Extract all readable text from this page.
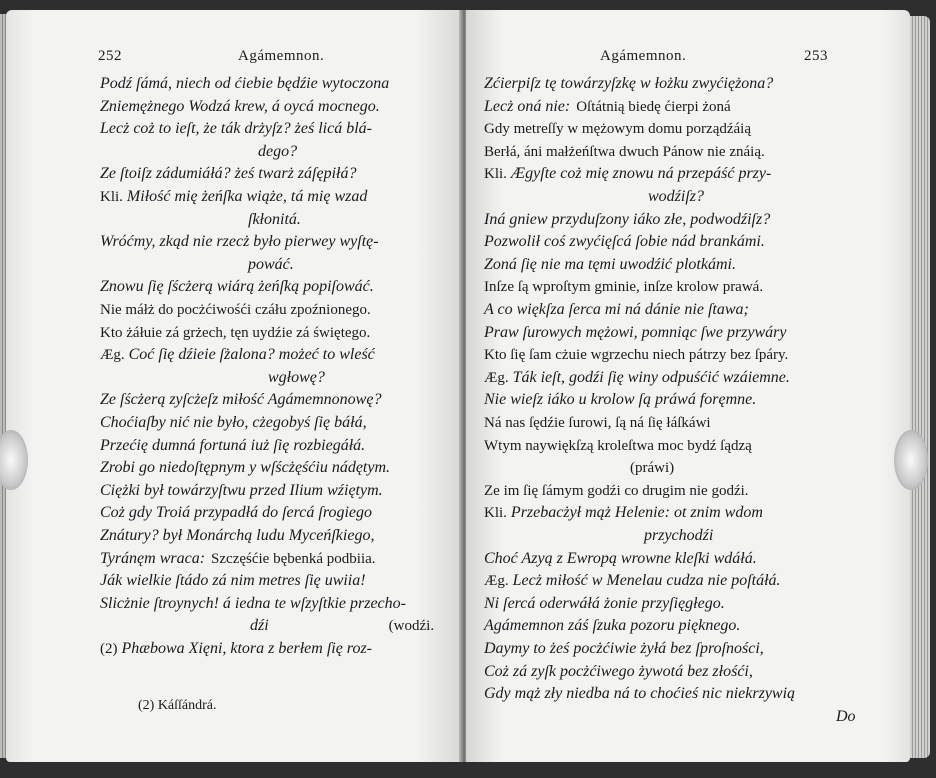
252	Agámemnon.
Podź ſámá, niech od ćiebie będźie wytoczona
Zniemężnego Wodzá krew, á oycá mocnego.
Lecż coż to ieſt, że ták drżyſz? żeś licá blá-
dego?
Ze ſtoiſz zádumiáłá? żeś twarż záſępiłá?
Kli. Miłość mię żeńſka wiąże, tá mię wzad
ſkłonitá.
Wróćmy, zkąd nie rzecż było pierwey wyſtę-
powáć.
Znowu ſię ſścżerą wiárą żeńſką popiſowáć.
Nie máłż do pocżćiwośći czáłu zpoźnionego.
Kto żáłuie zá grżech, tęn uydźie zá świętego.
Æg. Coć ſię dźieie ſżalona? możeć to wleść
wgłowę?
Ze ſścżerą zyſcżeſz miłość Agámemnonowę?
Choćiaſby nić nie było, cżegobyś ſię báłá,
Przećię dumná fortuná iuż ſię rozbiegáłá.
Zrobi go niedoſtępnym y wſścżęśćiu nádętym.
Ciężki był towárzyſtwu przed Ilium wźiętym.
Coż gdy Troiá przypadłá do ſercá ſrogiego
Znátury? był Monárchą ludu Myceńſkiego,
Tyránęm wraca: Szczęśćie bębenká podbiia.
Ják wielkie ſtádo zá nim metres ſię uwiia!
Slicżnie ſtroynych! á iedna te wſzyſtkie przecho-
dźi	(wodźi.
(2) Phæbowa Xięni, ktora z berłem ſię roz-
(2) Káſſándrá.
Agámemnon.	253
Zćierpiſz tę towárzyſzkę w łożku zwyćiężona?
Lecż oná nie: Oſtátnią biedę ćierpi żoná
Gdy metreſſy w mężowym domu porządźáią
Berłá, áni małżeńſtwa dwuch Pánow nie znáią.
Kli. Ægyſte coż mię znowu ná przepáść przy-
wodźiſz?
Iná gniew przyduſzony iáko złe, podwodźiſz?
Pozwolił coś zwyćięſcá ſobie nád brankámi.
Zoná ſię nie ma tęmi uwodźić plotkámi.
Inſze ſą wproſtym gminie, inſze krolow prawá.
A co więkſza ſerca mi ná dánie nie ſtawa;
Praw ſurowych mężowi, pomniąc ſwe przywáry
Kto ſię ſam cżuie wgrzechu niech pátrzy bez ſpáry.
Æg. Ták ieſt, godźi ſię winy odpuśćić wzáiemne.
Nie wieſz iáko u krolow ſą práwá foręmne.
Ná nas ſędźie ſurowi, ſą ná ſię łáſkáwi
Wtym naywiękſzą kroleſtwa moc bydź ſądzą
(práwi)
Ze im ſię ſámym godźi co drugim nie godźi.
Kli. Przebacżył mąż Helenie: ot znim wdom
przychodźi
Choć Azyą z Ewropą wrowne kleſki wdáłá.
Æg. Lecż miłość w Menelau cudza nie poſtáłá.
Ni ſercá oderwáłá żonie przyſięgłego.
Agámemnon záś ſzuka pozoru pięknego.
Daymy to żeś pocżćiwie żyłá bez ſproſności,
Coż zá zyſk pocżćiwego żywotá bez złośći,
Gdy mąż zły niedba ná to choćieś nic niekrzywią
Do
